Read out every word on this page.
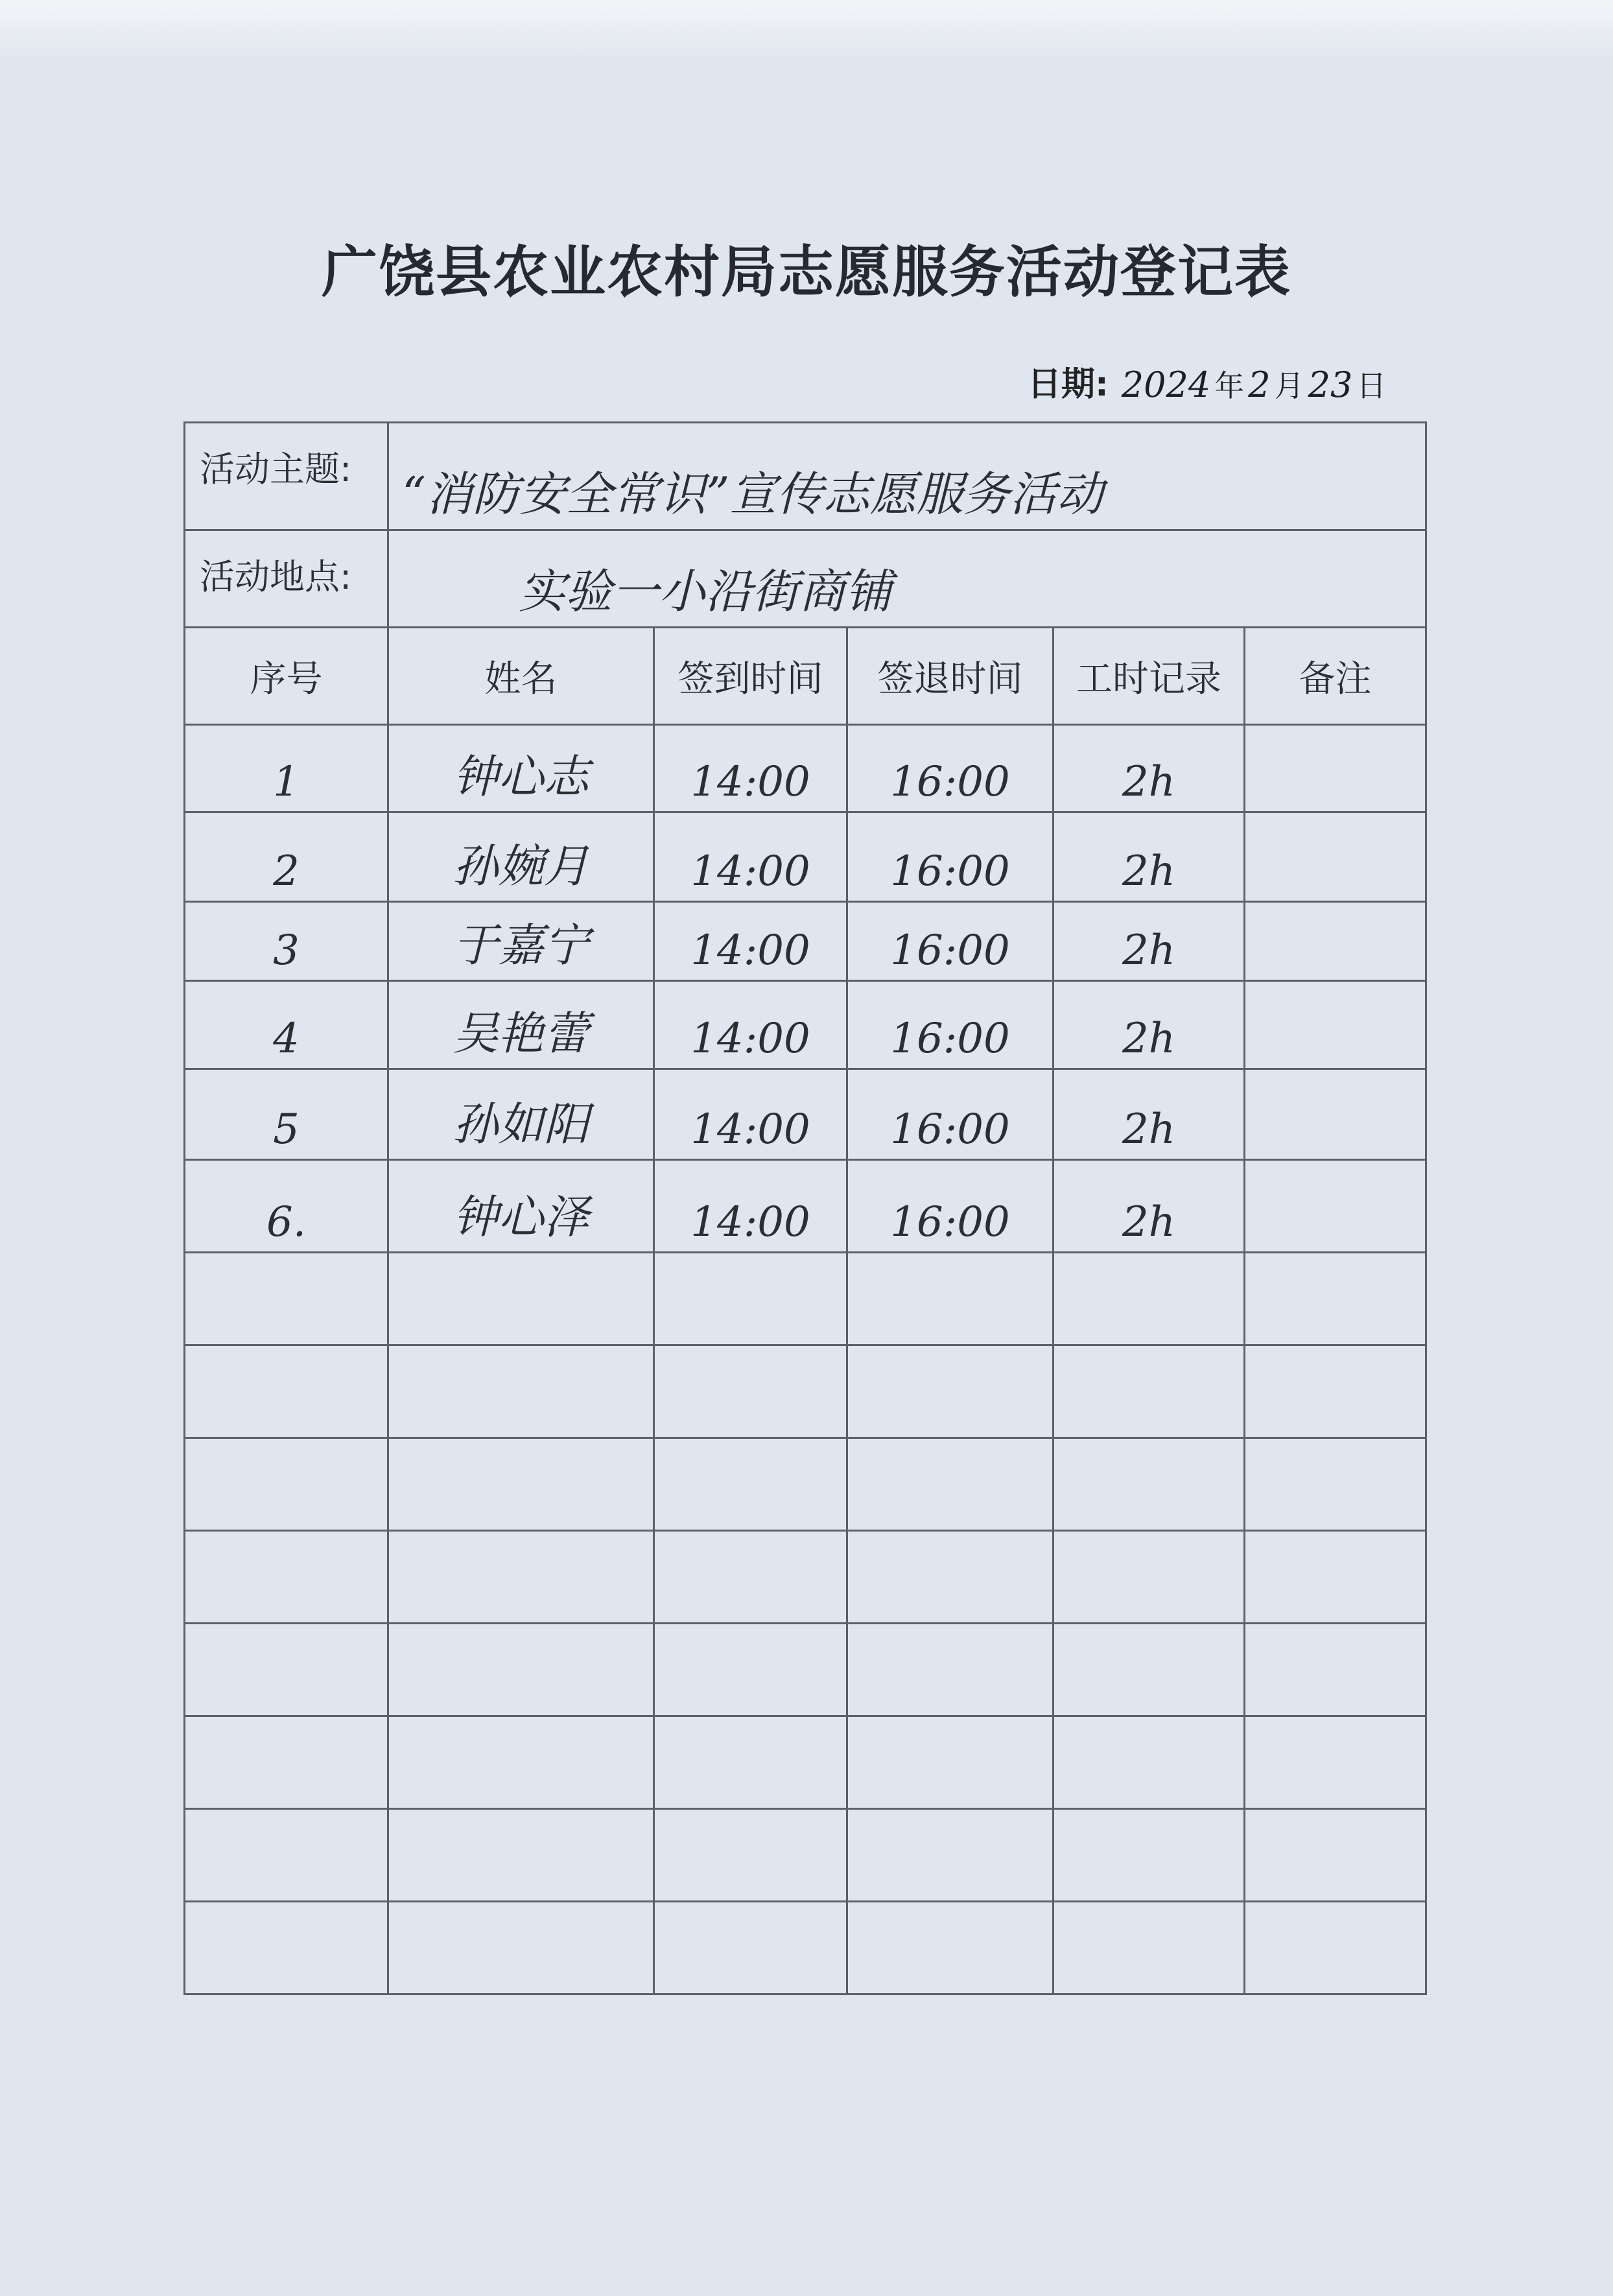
广饶县农业农村局志愿服务活动登记表
日期: 2024 年 2 月 23 日
活动主题:	“消防安全常识”宣传志愿服务活动				
活动地点:	实验一小沿街商铺				
序号	姓名	签到时间	签退时间	工时记录	备注
1	钟心志	14:00	16:00	2h	
2	孙婉月	14:00	16:00	2h	
3	于嘉宁	14:00	16:00	2h	
4	吴艳蕾	14:00	16:00	2h	
5	孙如阳	14:00	16:00	2h	
6.	钟心泽	14:00	16:00	2h	
